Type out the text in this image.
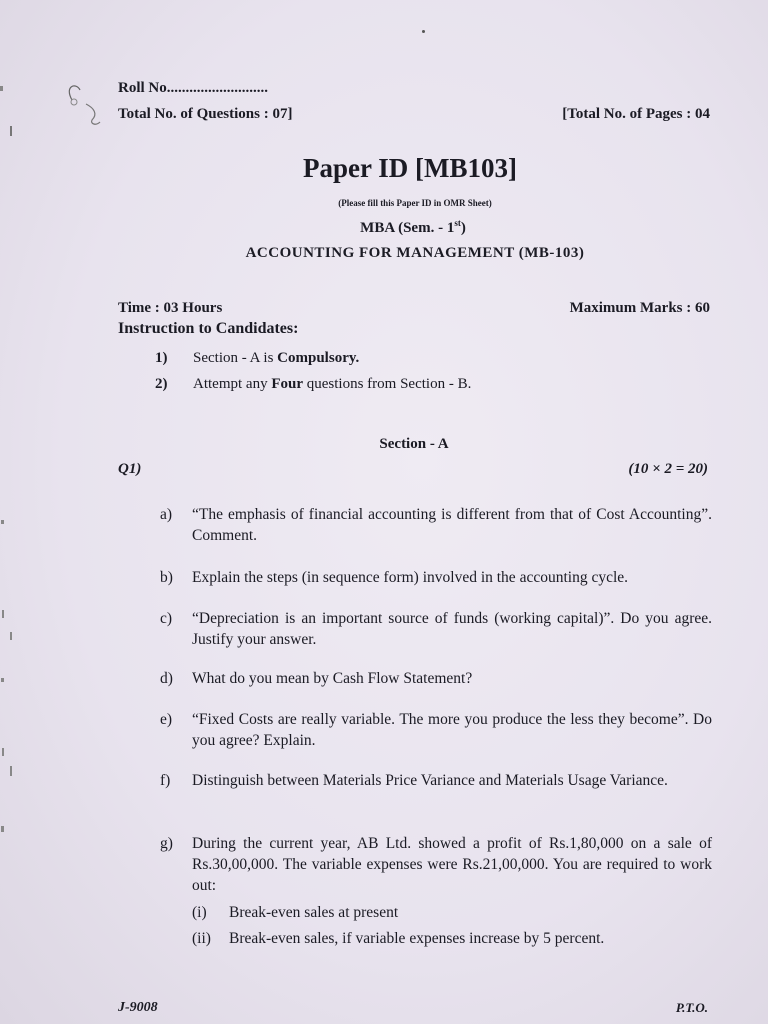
Roll No...........................
Total No. of Questions : 07]	[Total No. of Pages : 04
Paper ID [MB103]
(Please fill this Paper ID in OMR Sheet)
MBA (Sem. - 1st)
ACCOUNTING FOR MANAGEMENT (MB-103)
Time : 03 Hours	Maximum Marks : 60
Instruction to Candidates:
1) Section - A is Compulsory.
2) Attempt any Four questions from Section - B.
Section - A
Q1)	(10 × 2 = 20)
a)	“The emphasis of financial accounting is different from that of Cost Accounting”. Comment.
b)	Explain the steps (in sequence form) involved in the accounting cycle.
c)	“Depreciation is an important source of funds (working capital)”. Do you agree. Justify your answer.
d)	What do you mean by Cash Flow Statement?
e)	“Fixed Costs are really variable. The more you produce the less they become”. Do you agree? Explain.
f)	Distinguish between Materials Price Variance and Materials Usage Variance.
g)	During the current year, AB Ltd. showed a profit of Rs.1,80,000 on a sale of Rs.30,00,000. The variable expenses were Rs.21,00,000. You are required to work out:
(i)	Break-even sales at present
(ii)	Break-even sales, if variable expenses increase by 5 percent.
J-9008	P.T.O.
